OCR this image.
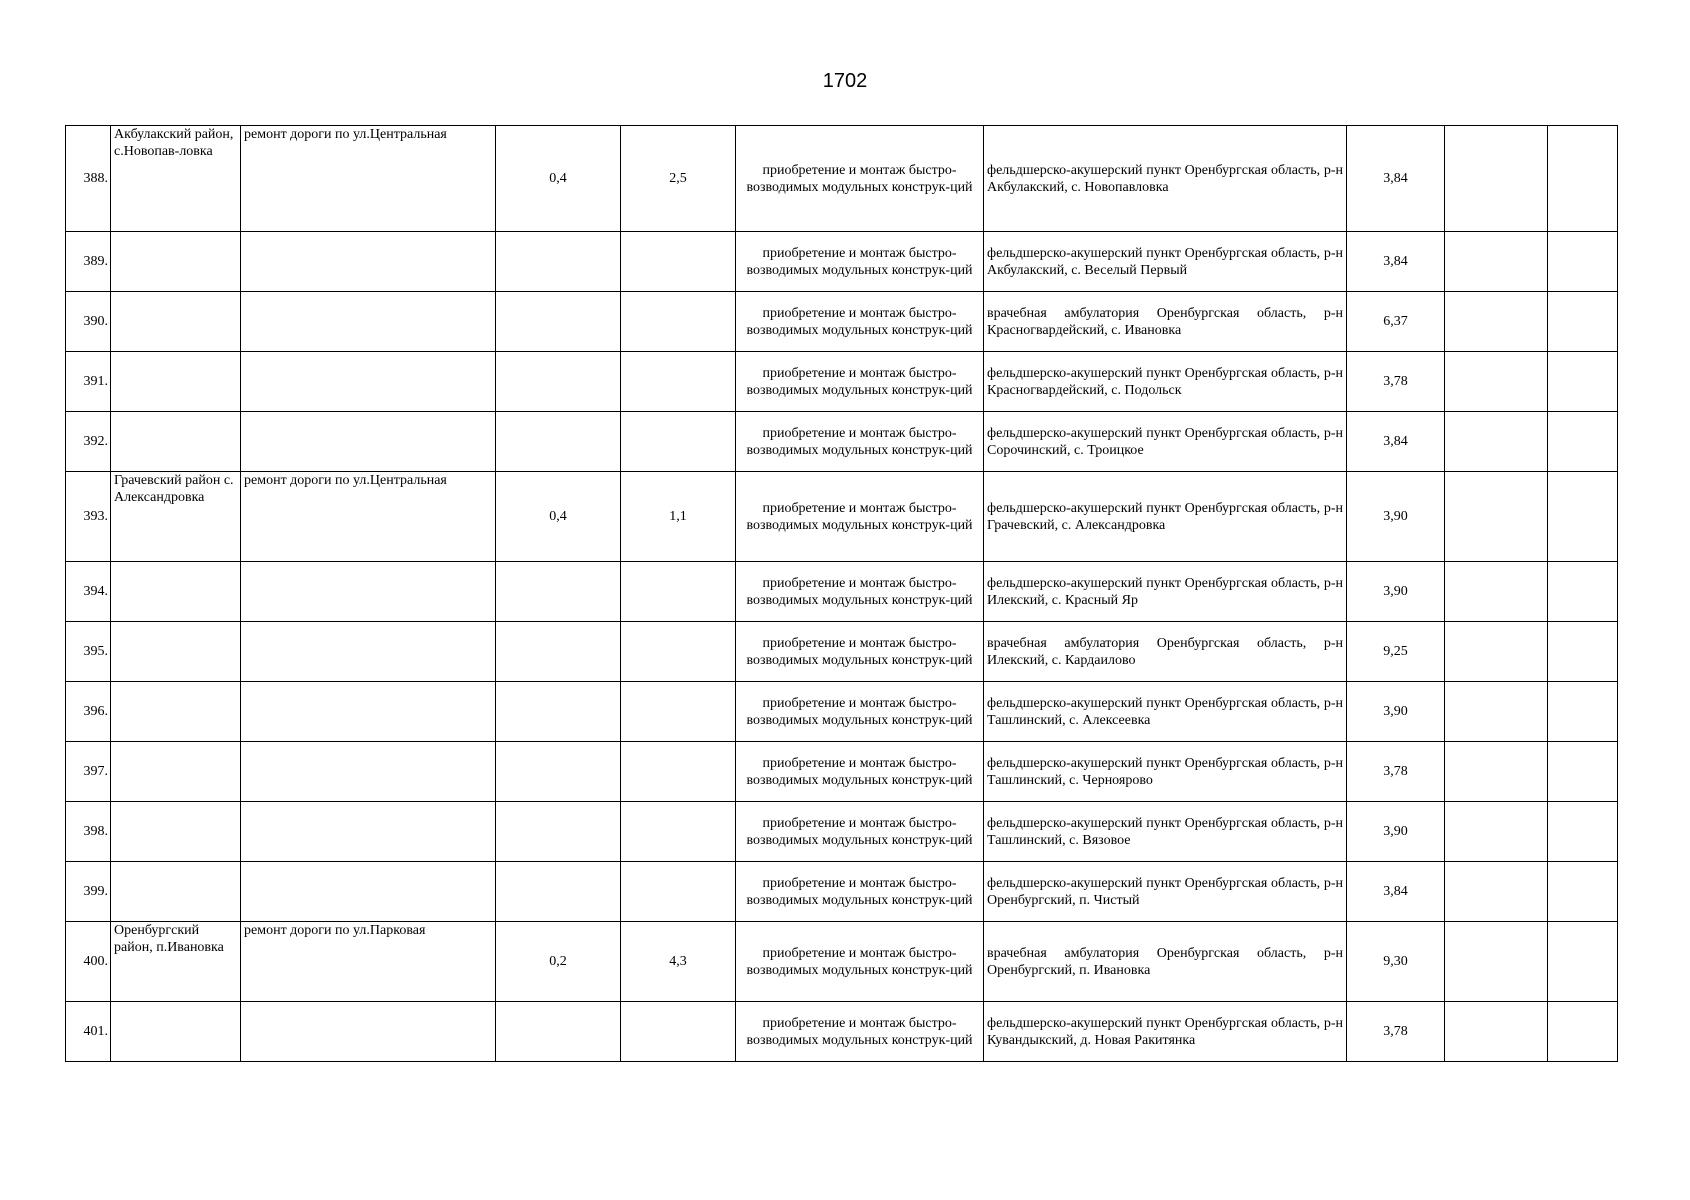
1702
388.	Акбулакский район, с.Новопав-ловка	ремонт дороги по ул.Центральная	0,4	2,5	приобретение и монтаж быстро-возводимых модульных конструк-ций	фельдшерско-акушерский пункт Оренбургская область, р-н Акбулакский, с. Новопавловка	3,84		
389.					приобретение и монтаж быстро-возводимых модульных конструк-ций	фельдшерско-акушерский пункт Оренбургская область, р-н Акбулакский, с. Веселый Первый	3,84		
390.					приобретение и монтаж быстро-возводимых модульных конструк-ций	врачебная амбулатория Оренбургская область, р-н Красногвардейский, с. Ивановка	6,37		
391.					приобретение и монтаж быстро-возводимых модульных конструк-ций	фельдшерско-акушерский пункт Оренбургская область, р-н Красногвардейский, с. Подольск	3,78		
392.					приобретение и монтаж быстро-возводимых модульных конструк-ций	фельдшерско-акушерский пункт Оренбургская область, р-н Сорочинский, с. Троицкое	3,84		
393.	Грачевский район с. Александровка	ремонт дороги по ул.Центральная	0,4	1,1	приобретение и монтаж быстро-возводимых модульных конструк-ций	фельдшерско-акушерский пункт Оренбургская область, р-н Грачевский, с. Александровка	3,90		
394.					приобретение и монтаж быстро-возводимых модульных конструк-ций	фельдшерско-акушерский пункт Оренбургская область, р-н Илекский, с. Красный Яр	3,90		
395.					приобретение и монтаж быстро-возводимых модульных конструк-ций	врачебная амбулатория Оренбургская область, р-н Илекский, с. Кардаилово	9,25		
396.					приобретение и монтаж быстро-возводимых модульных конструк-ций	фельдшерско-акушерский пункт Оренбургская область, р-н Ташлинский, с. Алексеевка	3,90		
397.					приобретение и монтаж быстро-возводимых модульных конструк-ций	фельдшерско-акушерский пункт Оренбургская область, р-н Ташлинский, с. Черноярово	3,78		
398.					приобретение и монтаж быстро-возводимых модульных конструк-ций	фельдшерско-акушерский пункт Оренбургская область, р-н Ташлинский, с. Вязовое	3,90		
399.					приобретение и монтаж быстро-возводимых модульных конструк-ций	фельдшерско-акушерский пункт Оренбургская область, р-н Оренбургский, п. Чистый	3,84		
400.	Оренбургский район, п.Ивановка	ремонт дороги по ул.Парковая	0,2	4,3	приобретение и монтаж быстро-возводимых модульных конструк-ций	врачебная амбулатория Оренбургская область, р-н Оренбургский, п. Ивановка	9,30		
401.					приобретение и монтаж быстро-возводимых модульных конструк-ций	фельдшерско-акушерский пункт Оренбургская область, р-н Кувандыкский, д. Новая Ракитянка	3,78		
